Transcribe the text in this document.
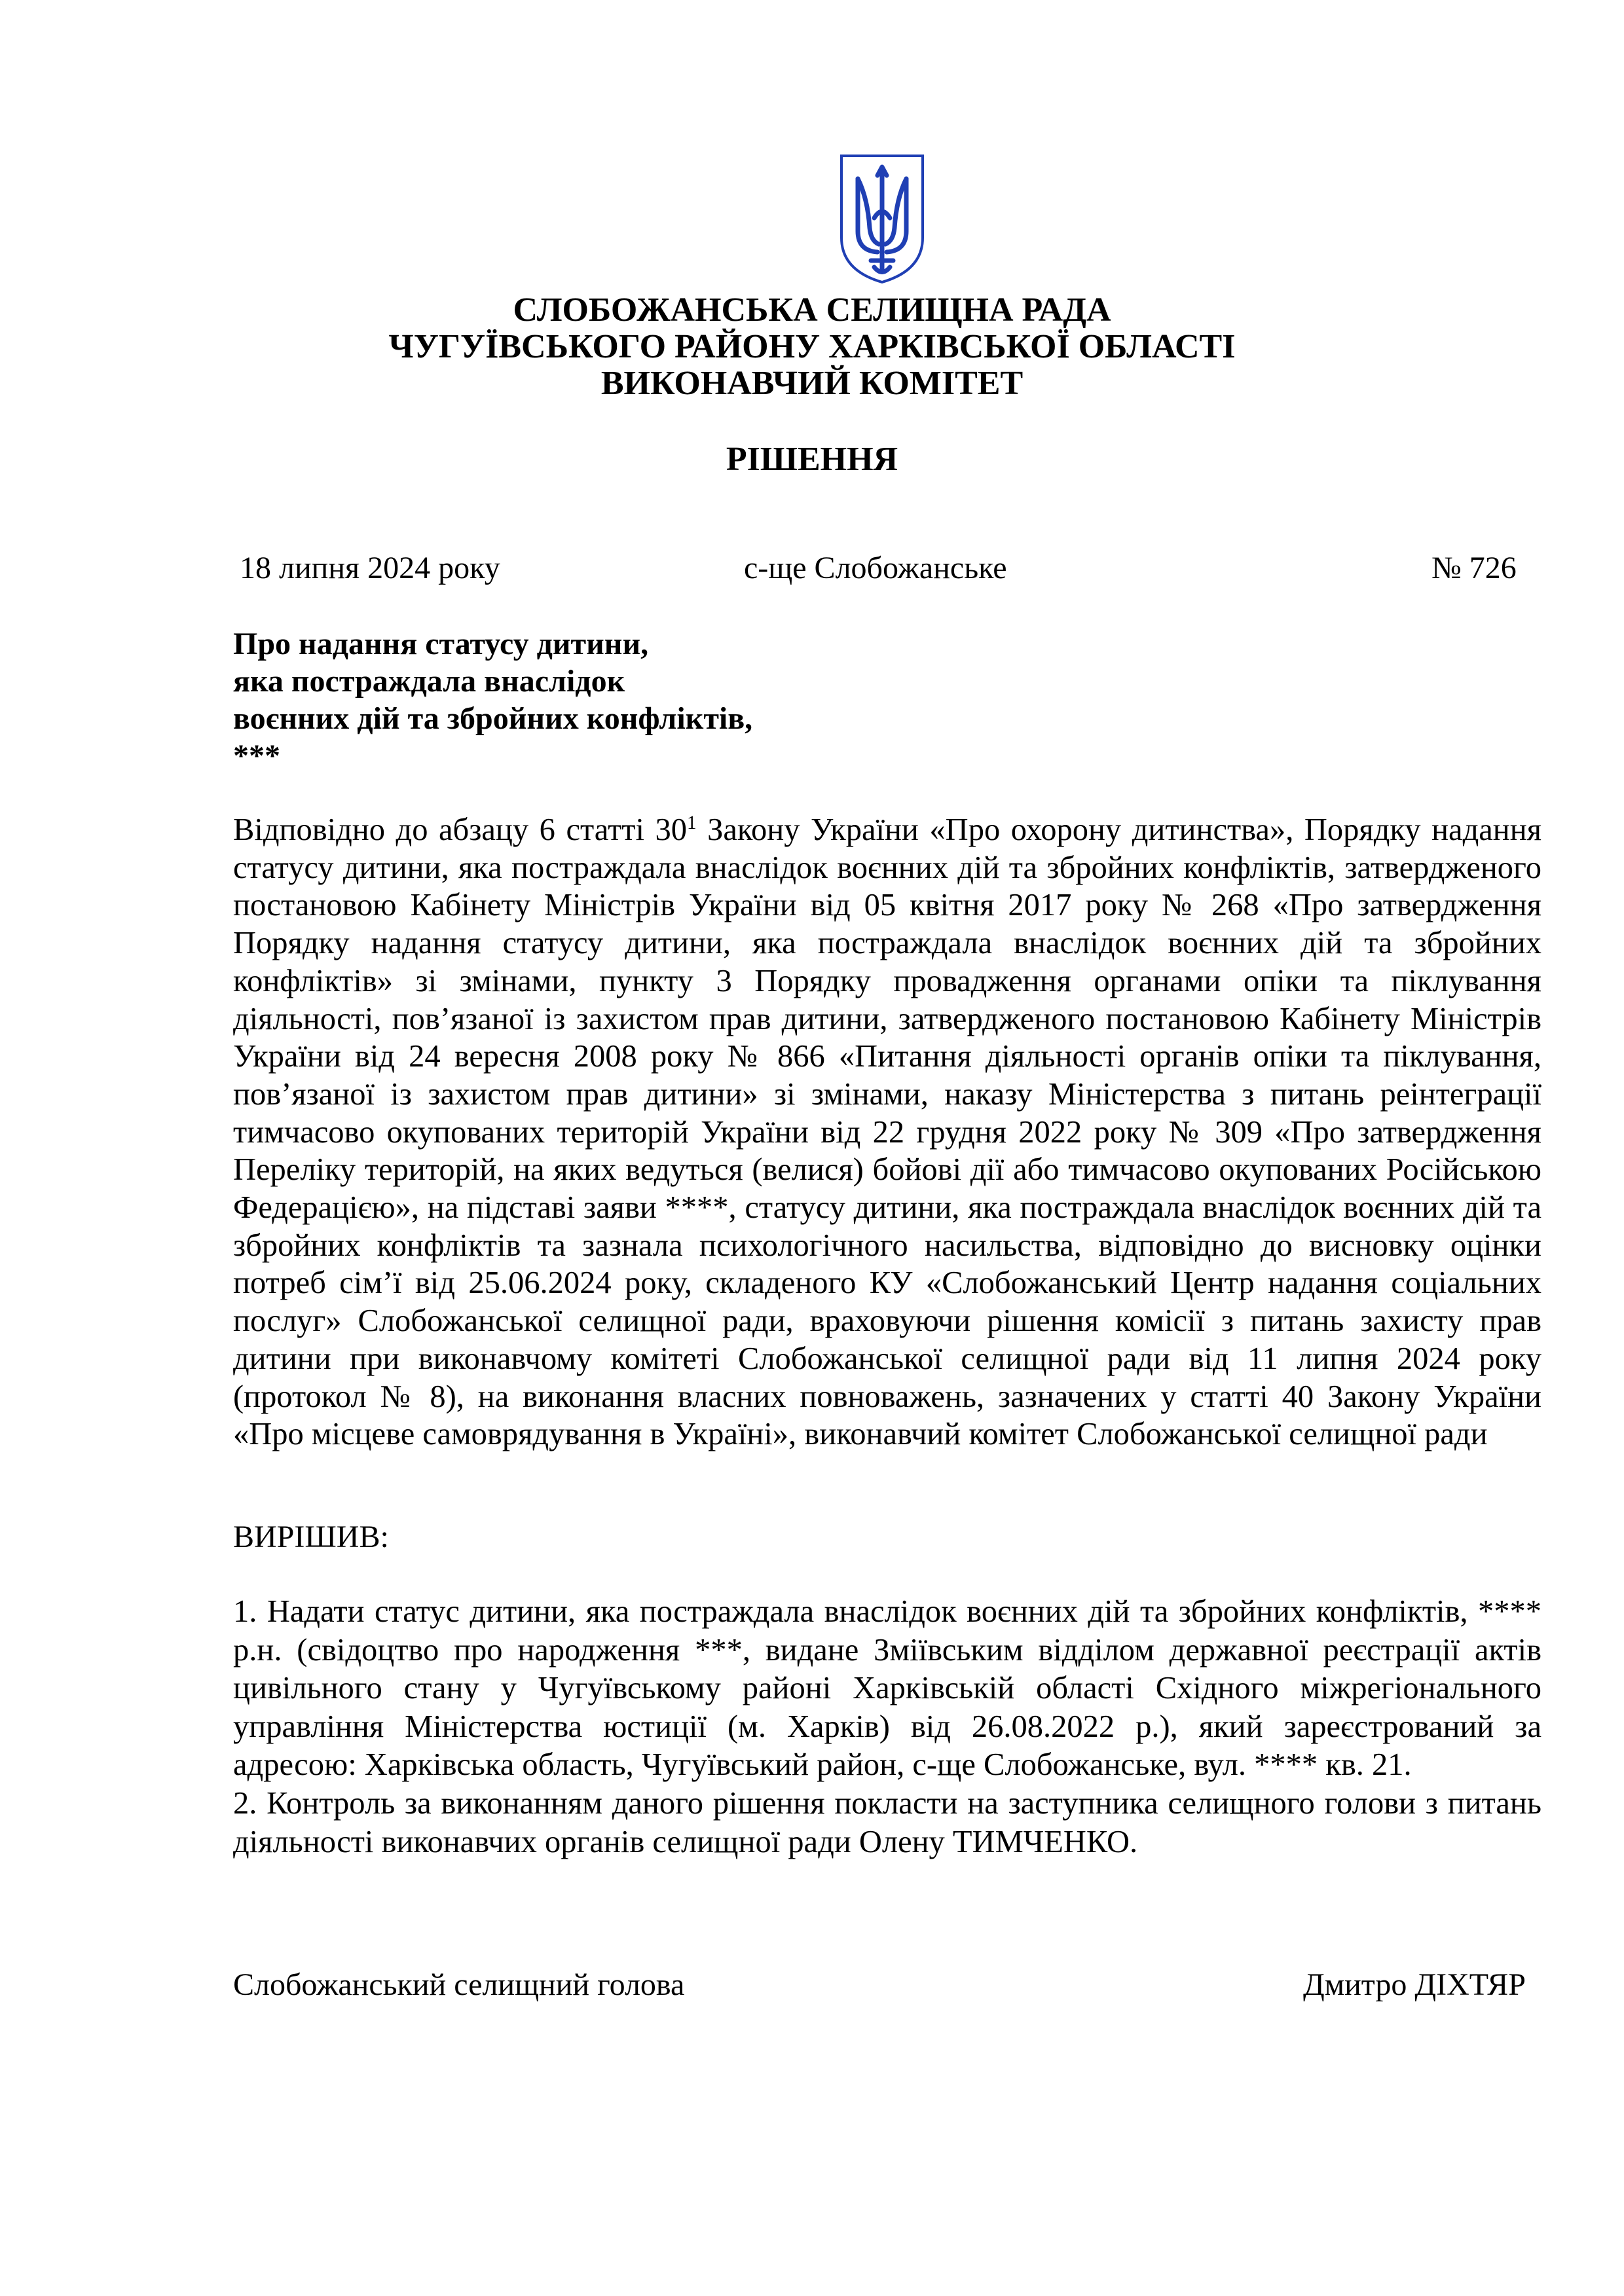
СЛОБОЖАНСЬКА СЕЛИЩНА РАДА
ЧУГУЇВСЬКОГО РАЙОНУ ХАРКІВСЬКОЇ ОБЛАСТІ
ВИКОНАВЧИЙ КОМІТЕТ
РІШЕННЯ
18 липня 2024 року	с-ще Слобожанське	№ 726
Про надання статусу дитини,
яка постраждала внаслідок
воєнних дій та збройних конфліктів,
***

Відповідно до абзацу 6 статті $30^1$ Закону України «Про охорону дитинства», Порядку надання статусу дитини, яка постраждала внаслідок воєнних дій та збройних конфліктів, затвердженого постановою Кабінету Міністрів України від 05 квітня 2017 року № 268 «Про затвердження Порядку надання статусу дитини, яка постраждала внаслідок воєнних дій та збройних конфліктів» зі змінами, пункту 3 Порядку провадження органами опіки та піклування діяльності, пов’язаної із захистом прав дитини, затвердженого постановою Кабінету Міністрів України від 24 вересня 2008 року № 866 «Питання діяльності органів опіки та піклування, пов’язаної із захистом прав дитини» зі змінами, наказу Міністерства з питань реінтеграції тимчасово окупованих територій України від 22 грудня 2022 року № 309 «Про затвердження Переліку територій, на яких ведуться (велися) бойові дії або тимчасово окупованих Російською Федерацією», на підставі заяви ****, статусу дитини, яка постраждала внаслідок воєнних дій та збройних конфліктів та зазнала психологічного насильства, відповідно до висновку оцінки потреб сім’ї від 25.06.2024 року, складеного КУ «Слобожанський Центр надання соціальних послуг» Слобожанської селищної ради, враховуючи рішення комісії з питань захисту прав дитини при виконавчому комітеті Слобожанської селищної ради від 11 липня 2024 року (протокол № 8), на виконання власних повноважень, зазначених у статті 40 Закону України «Про місцеве самоврядування в Україні», виконавчий комітет Слобожанської селищної ради

ВИРІШИВ:

1. Надати статус дитини, яка постраждала внаслідок воєнних дій та збройних конфліктів, **** р.н. (свідоцтво про народження ***, видане Зміївським відділом державної реєстрації актів цивільного стану у Чугуївському районі Харківській області Східного міжрегіонального управління Міністерства юстиції (м. Харків) від 26.08.2022 р.), який зареєстрований за адресою: Харківська область, Чугуївський район, с-ще Слобожанське, вул. **** кв. 21.

2. Контроль за виконанням даного рішення покласти на заступника селищного голови з питань діяльності виконавчих органів селищної ради Олену ТИМЧЕНКО.

Слобожанський селищний голова	Дмитро ДІХТЯР
